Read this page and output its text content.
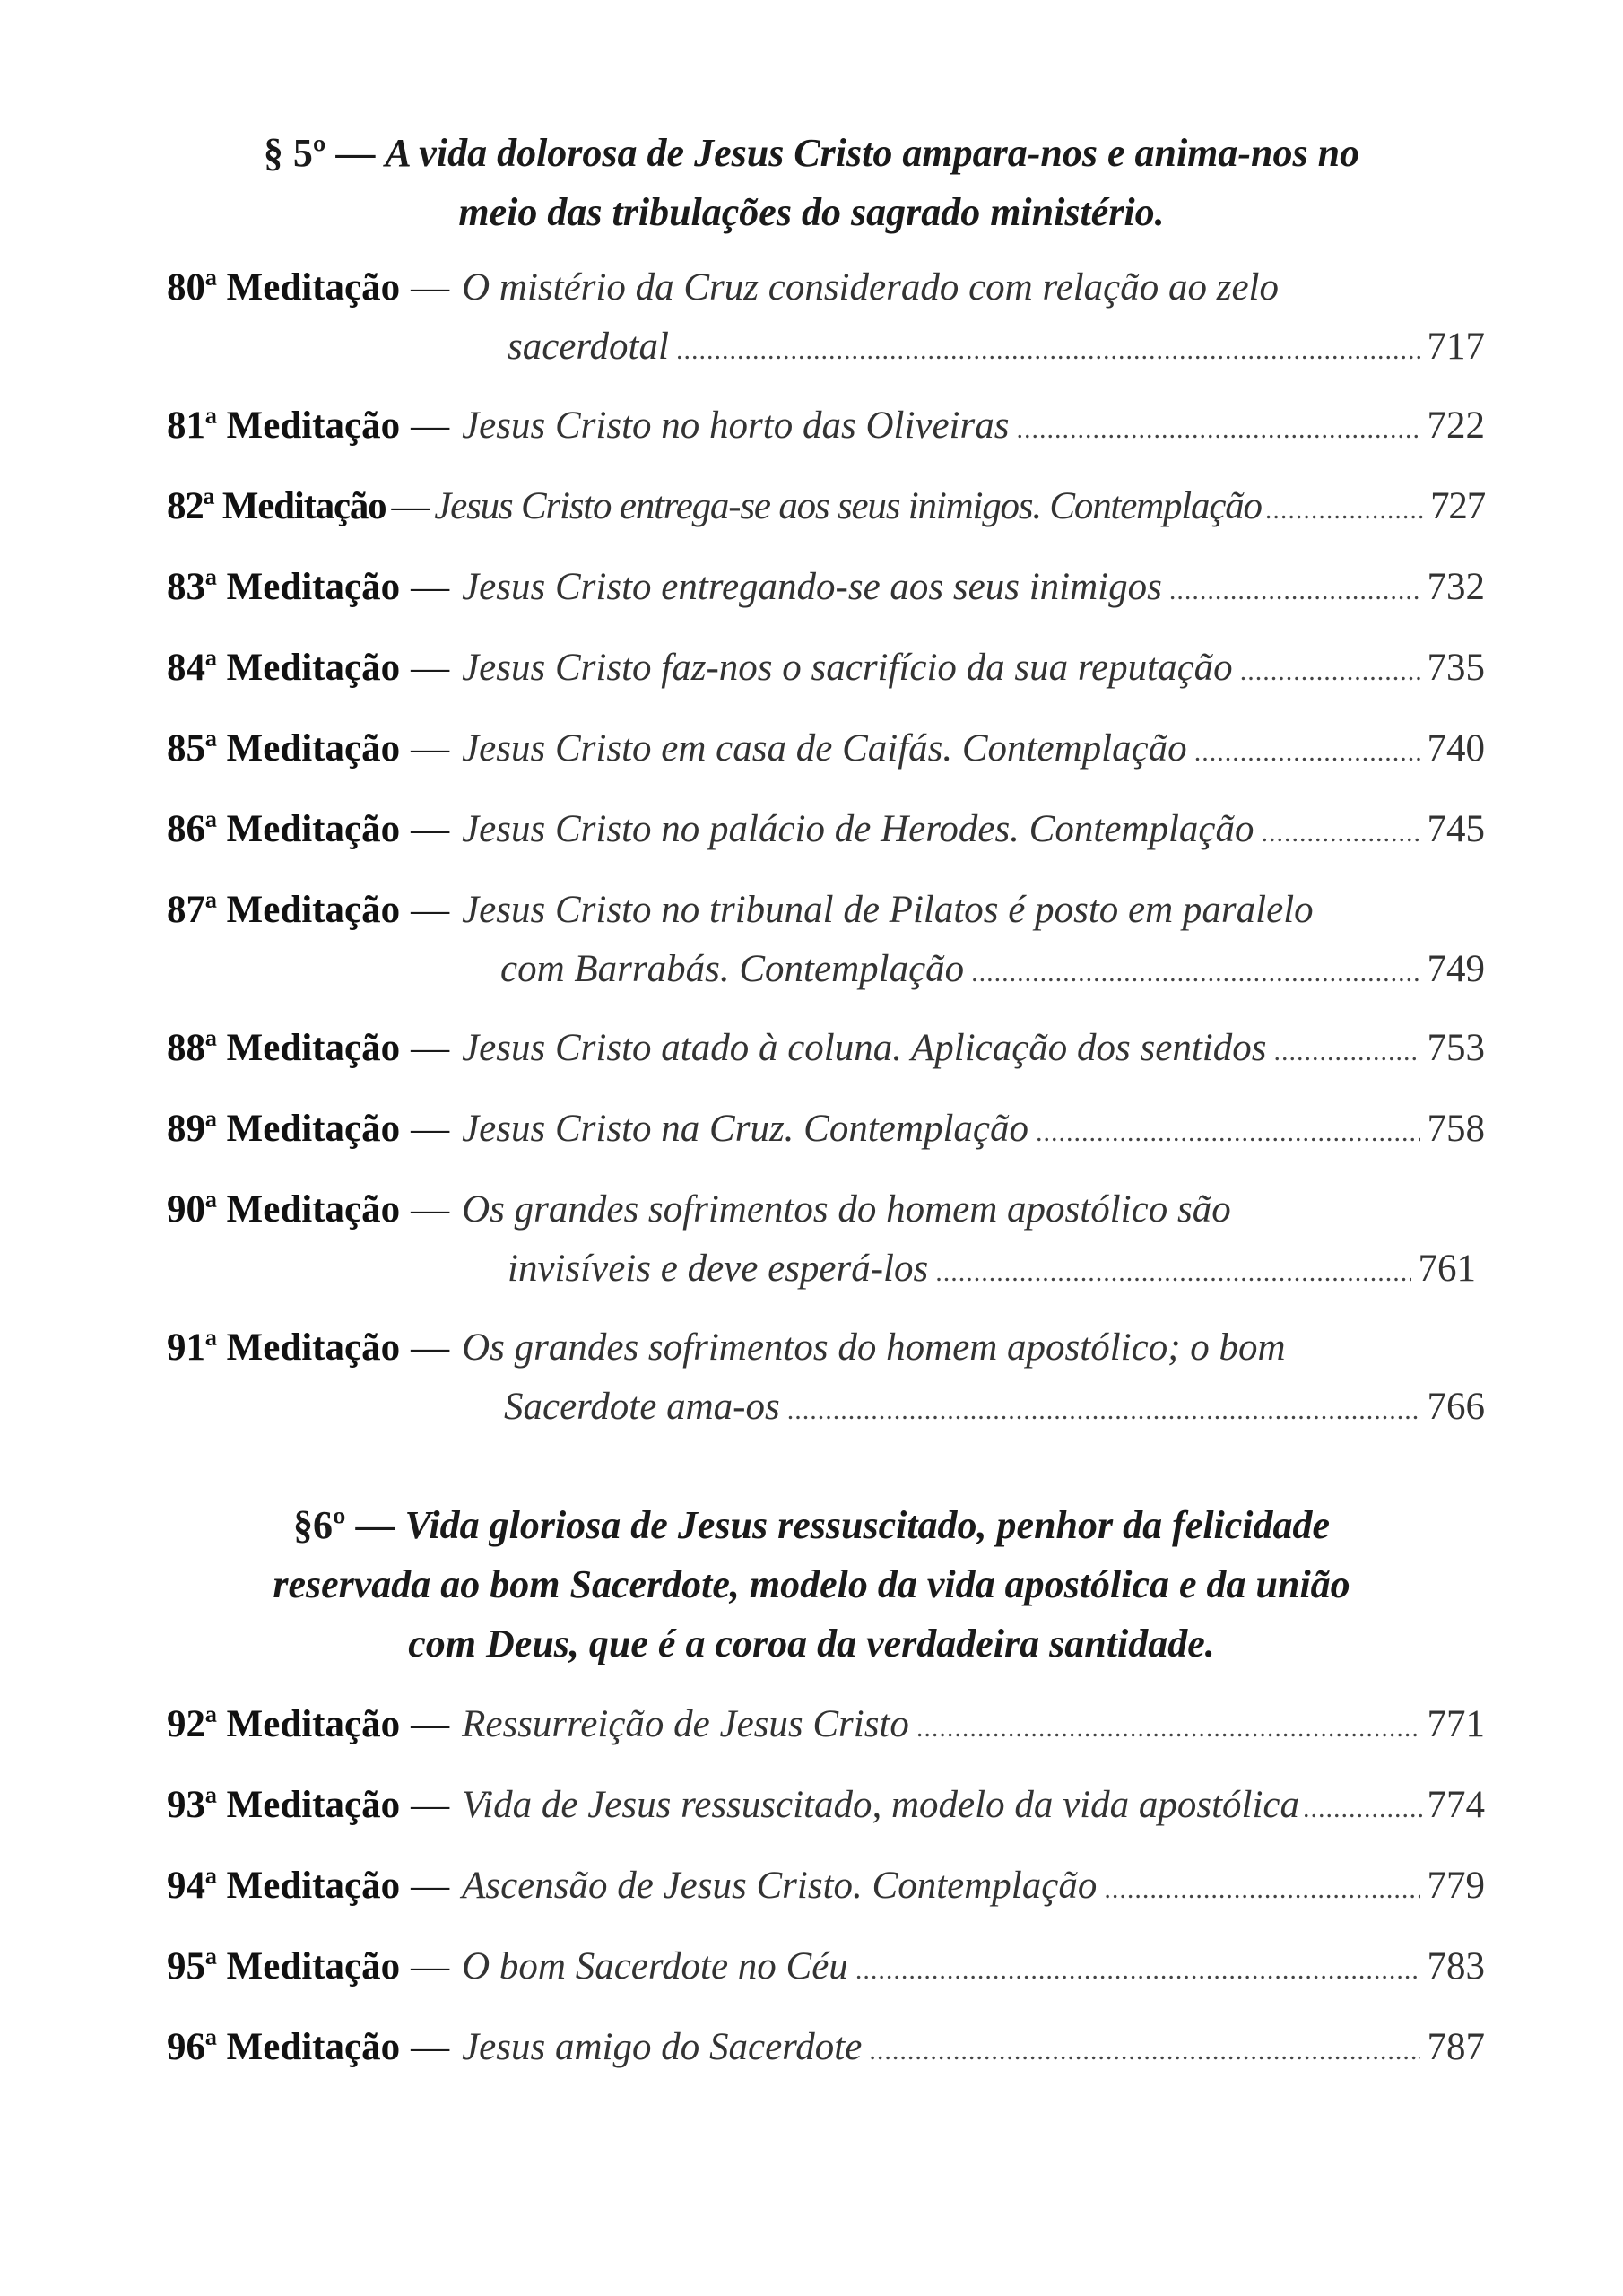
§ 5º — A vida dolorosa de Jesus Cristo ampara-nos e anima-nos no
meio das tribulações do sagrado ministério.
80ª Meditação — O mistério da Cruz considerado com relação ao zelo
sacerdotal .....	717
81ª Meditação — Jesus Cristo no horto das Oliveiras .....	722
82ª Meditação — Jesus Cristo entrega-se aos seus inimigos. Contemplação .....	727
83ª Meditação — Jesus Cristo entregando-se aos seus inimigos .....	732
84ª Meditação — Jesus Cristo faz-nos o sacrifício da sua reputação .....	735
85ª Meditação — Jesus Cristo em casa de Caifás. Contemplação .....	740
86ª Meditação — Jesus Cristo no palácio de Herodes. Contemplação .....	745
87ª Meditação — Jesus Cristo no tribunal de Pilatos é posto em paralelo
com Barrabás. Contemplação .....	749
88ª Meditação — Jesus Cristo atado à coluna. Aplicação dos sentidos .....	753
89ª Meditação — Jesus Cristo na Cruz. Contemplação .....	758
90ª Meditação — Os grandes sofrimentos do homem apostólico são
invisíveis e deve esperá-los .....	761
91ª Meditação — Os grandes sofrimentos do homem apostólico; o bom
Sacerdote ama-os .....	766
§6º — Vida gloriosa de Jesus ressuscitado, penhor da felicidade
reservada ao bom Sacerdote, modelo da vida apostólica e da união
com Deus, que é a coroa da verdadeira santidade.
92ª Meditação — Ressurreição de Jesus Cristo .....	771
93ª Meditação — Vida de Jesus ressuscitado, modelo da vida apostólica .....	774
94ª Meditação — Ascensão de Jesus Cristo. Contemplação .....	779
95ª Meditação — O bom Sacerdote no Céu .....	783
96ª Meditação — Jesus amigo do Sacerdote .....	787
